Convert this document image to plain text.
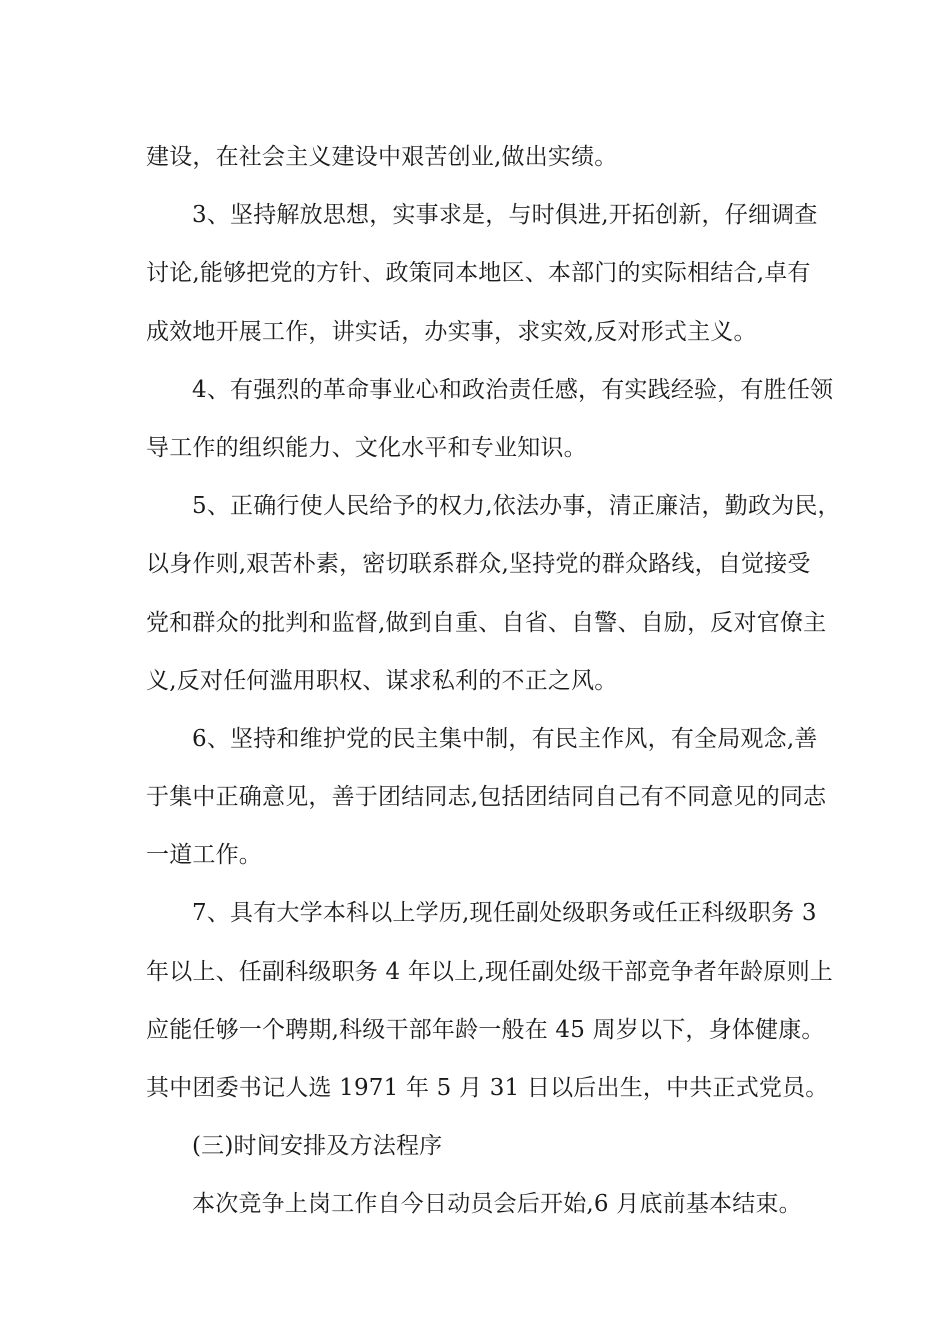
建设，在社会主义建设中艰苦创业,做出实绩。
3、坚持解放思想，实事求是，与时俱进,开拓创新，仔细调查
讨论,能够把党的方针、政策同本地区、本部门的实际相结合,卓有
成效地开展工作，讲实话，办实事，求实效,反对形式主义。
4、有强烈的革命事业心和政治责任感，有实践经验，有胜任领
导工作的组织能力、文化水平和专业知识。
5、正确行使人民给予的权力,依法办事，清正廉洁，勤政为民，
以身作则,艰苦朴素，密切联系群众,坚持党的群众路线，自觉接受
党和群众的批判和监督,做到自重、自省、自警、自励，反对官僚主
义,反对任何滥用职权、谋求私利的不正之风。
6、坚持和维护党的民主集中制，有民主作风，有全局观念,善
于集中正确意见，善于团结同志,包括团结同自己有不同意见的同志
一道工作。
7、具有大学本科以上学历,现任副处级职务或任正科级职务 3
年以上、任副科级职务 4 年以上,现任副处级干部竞争者年龄原则上
应能任够一个聘期,科级干部年龄一般在 45 周岁以下，身体健康。
其中团委书记人选 1971 年 5 月 31 日以后出生，中共正式党员。
(三)时间安排及方法程序
本次竞争上岗工作自今日动员会后开始,6 月底前基本结束。
